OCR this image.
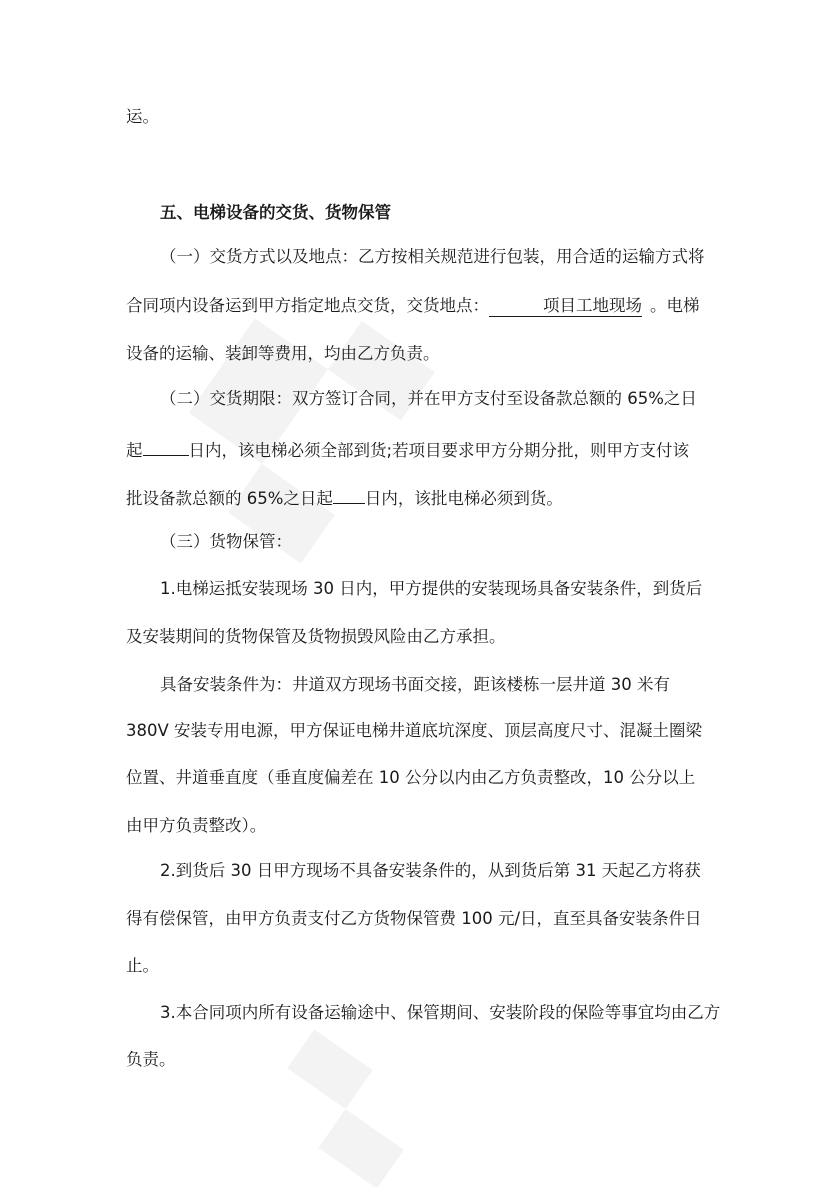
运。
五、电梯设备的交货、货物保管
（一）交货方式以及地点：乙方按相关规范进行包装，用合适的运输方式将
合同项内设备运到甲方指定地点交货，交货地点：	项目工地现场 。电梯
设备的运输、装卸等费用，均由乙方负责。
（二）交货期限：双方签订合同，并在甲方支付至设备款总额的 65%之日
起	日内，该电梯必须全部到货;若项目要求甲方分期分批，则甲方支付该
批设备款总额的 65%之日起 日内，该批电梯必须到货。
（三）货物保管：
1.电梯运抵安装现场 30 日内，甲方提供的安装现场具备安装条件，到货后
及安装期间的货物保管及货物损毁风险由乙方承担。
具备安装条件为：井道双方现场书面交接，距该楼栋一层井道 30 米有
380V 安装专用电源，甲方保证电梯井道底坑深度、顶层高度尺寸、混凝土圈梁
位置、井道垂直度（垂直度偏差在 10 公分以内由乙方负责整改，10 公分以上
由甲方负责整改）。
2.到货后 30 日甲方现场不具备安装条件的，从到货后第 31 天起乙方将获
得有偿保管，由甲方负责支付乙方货物保管费 100 元/日，直至具备安装条件日
止。
3.本合同项内所有设备运输途中、保管期间、安装阶段的保险等事宜均由乙方
负责。
